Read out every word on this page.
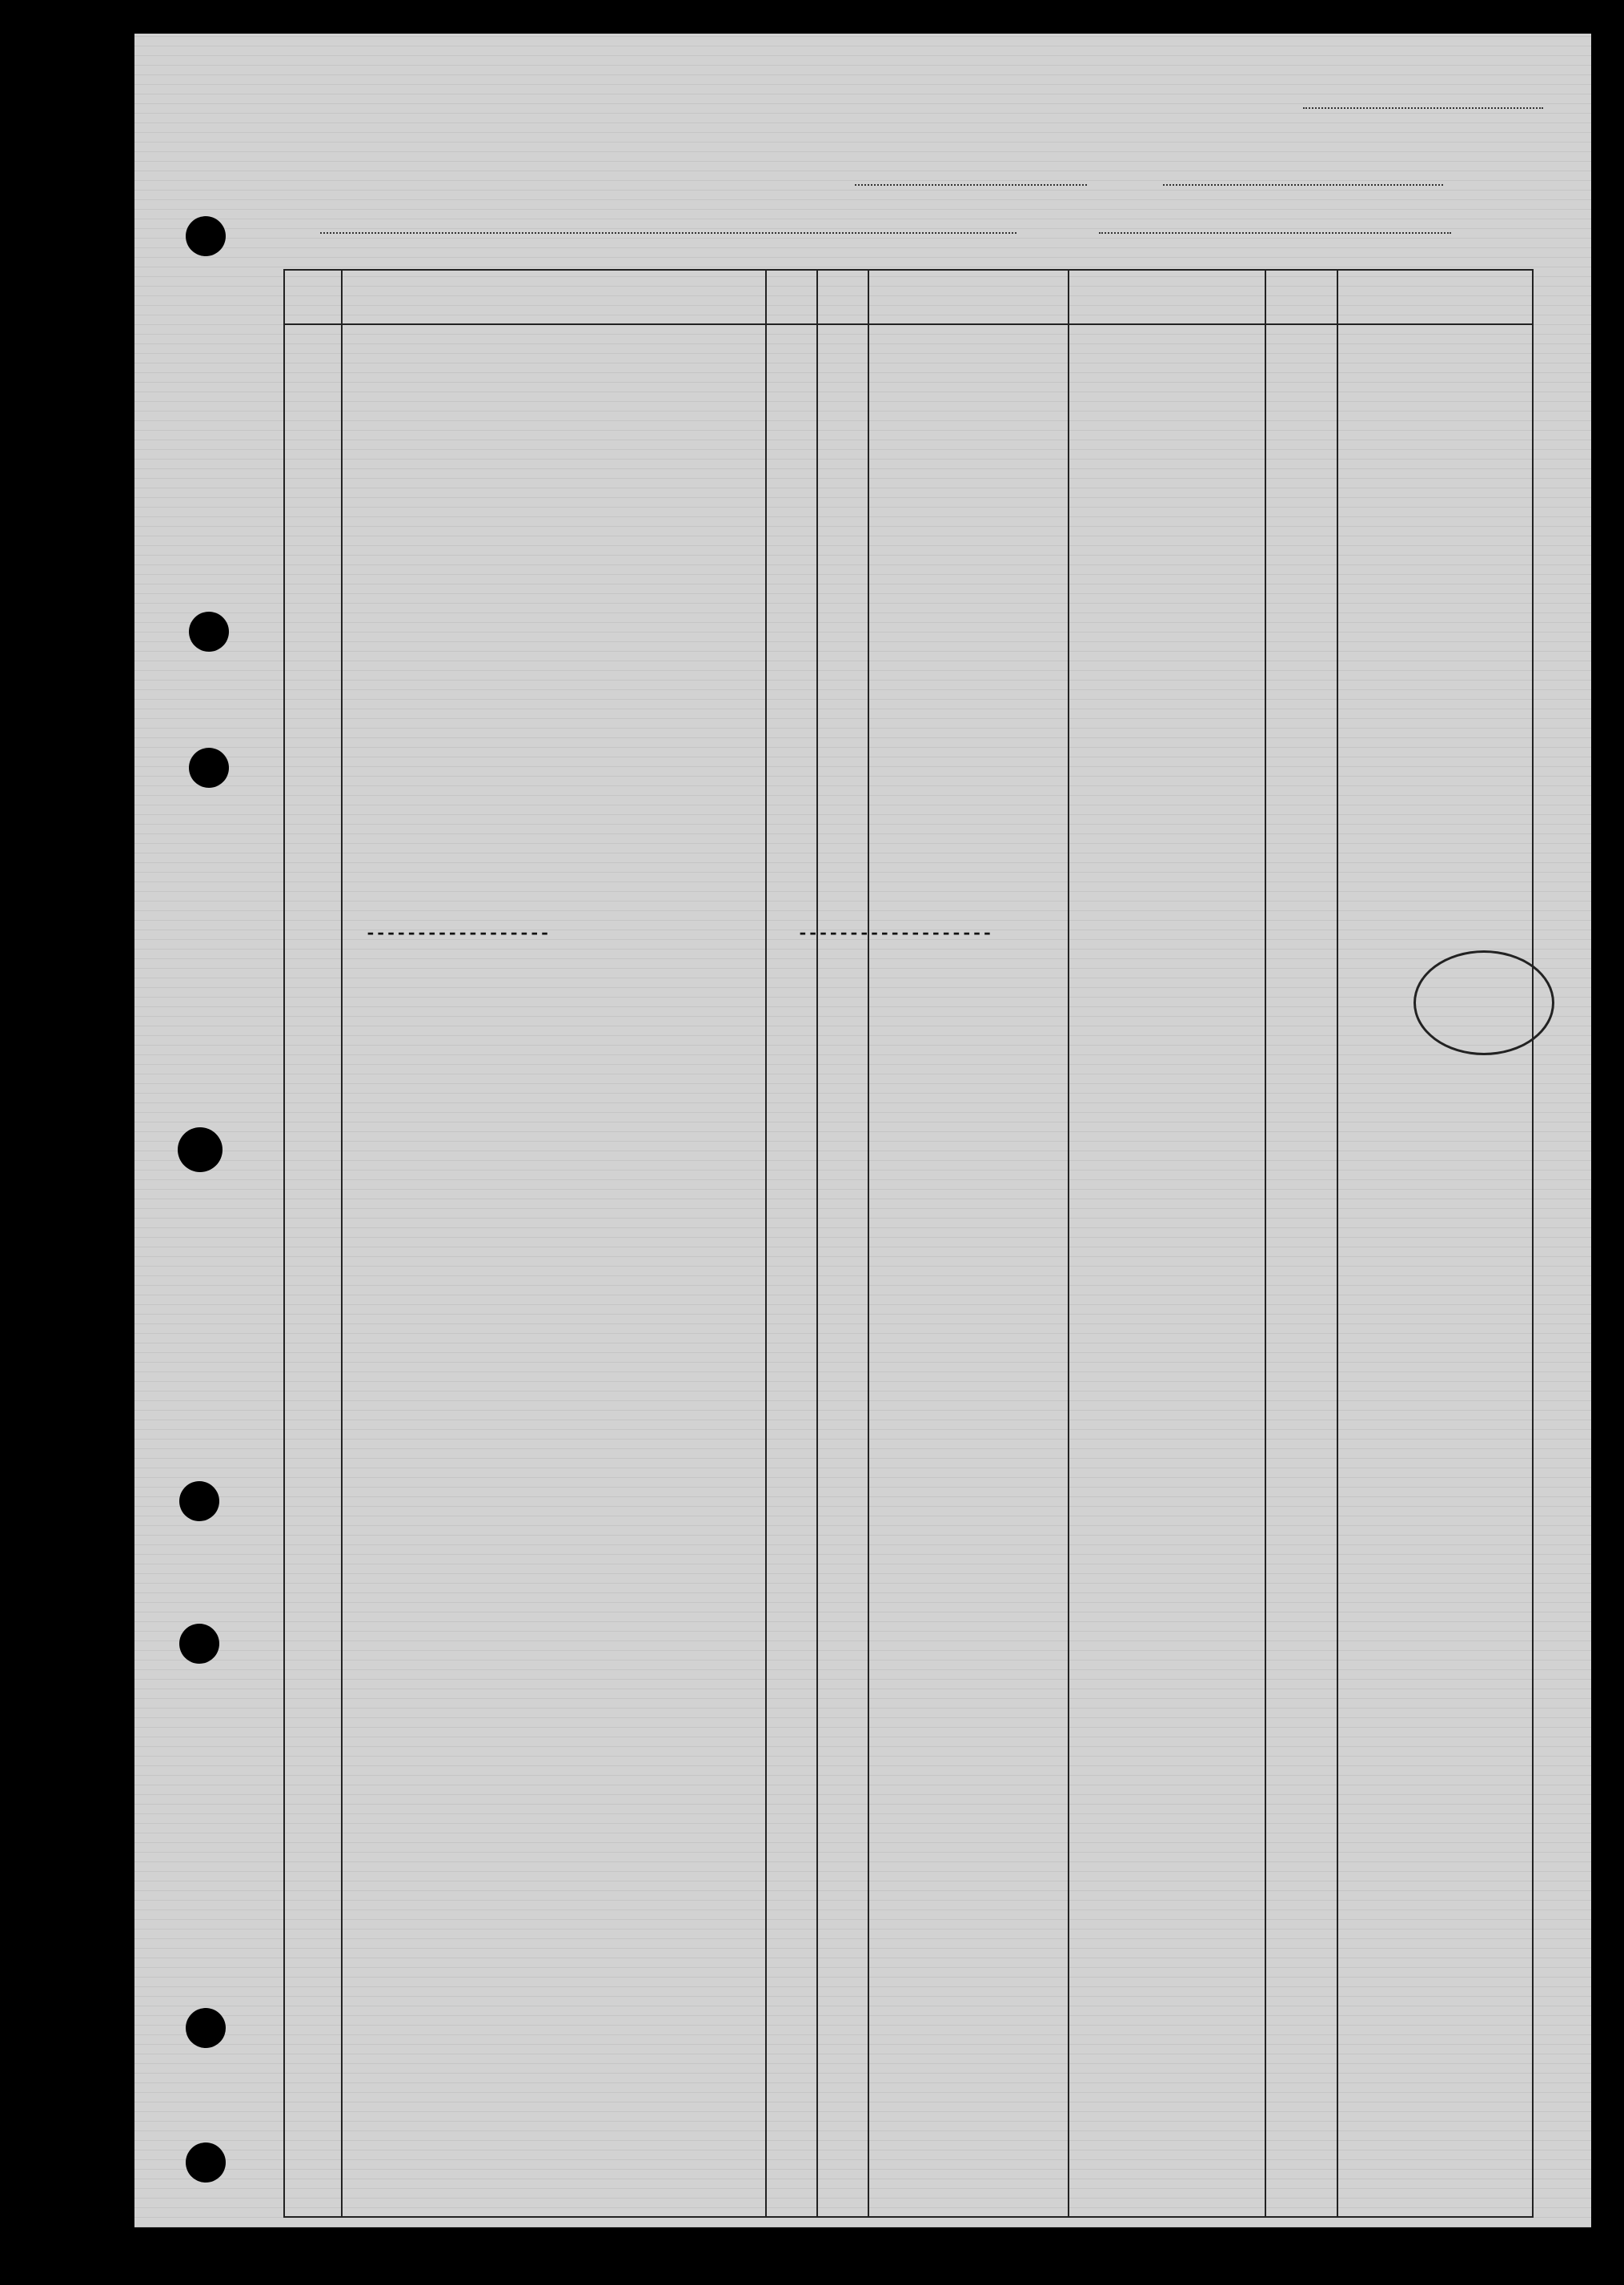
------------------	-------------------
